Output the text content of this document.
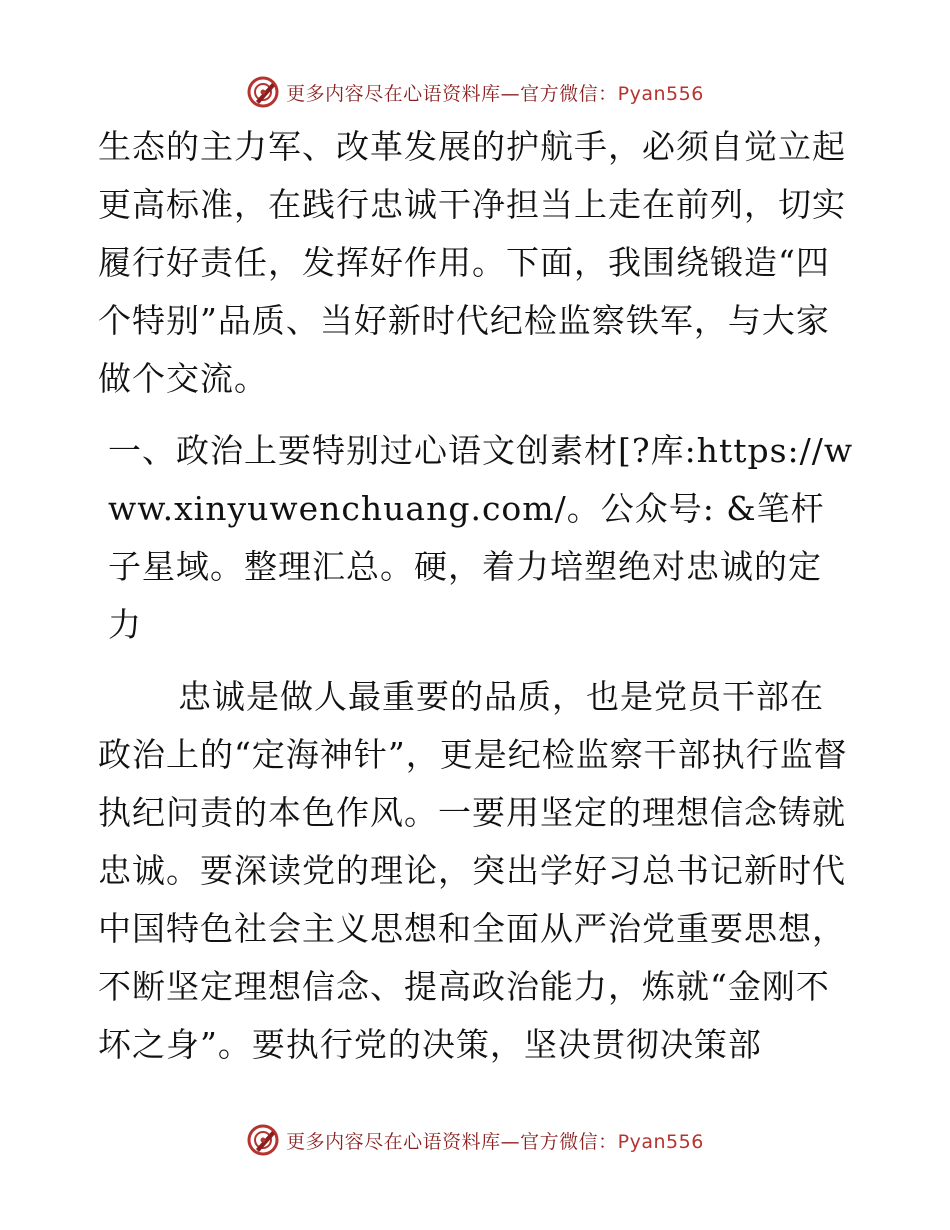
更多内容尽在心语资料库—官方微信：Pyan556

生态的主力军、改革发展的护航手，必须自觉立起更高标准，在践行忠诚干净担当上走在前列，切实履行好责任，发挥好作用。下面，我围绕锻造“四个特别”品质、当好新时代纪检监察铁军，与大家做个交流。

一、政治上要特别过心语文创素材[?库:https://www.xinyuwenchuang.com/。公众号: &笔杆子星域。整理汇总。硬，着力培塑绝对忠诚的定力

忠诚是做人最重要的品质，也是党员干部在政治上的“定海神针”，更是纪检监察干部执行监督执纪问责的本色作风。一要用坚定的理想信念铸就忠诚。要深读党的理论，突出学好习总书记新时代中国特色社会主义思想和全面从严治党重要思想，不断坚定理想信念、提高政治能力，炼就“金刚不坏之身”。要执行党的决策，坚决贯彻决策部

更多内容尽在心语资料库—官方微信：Pyan556
